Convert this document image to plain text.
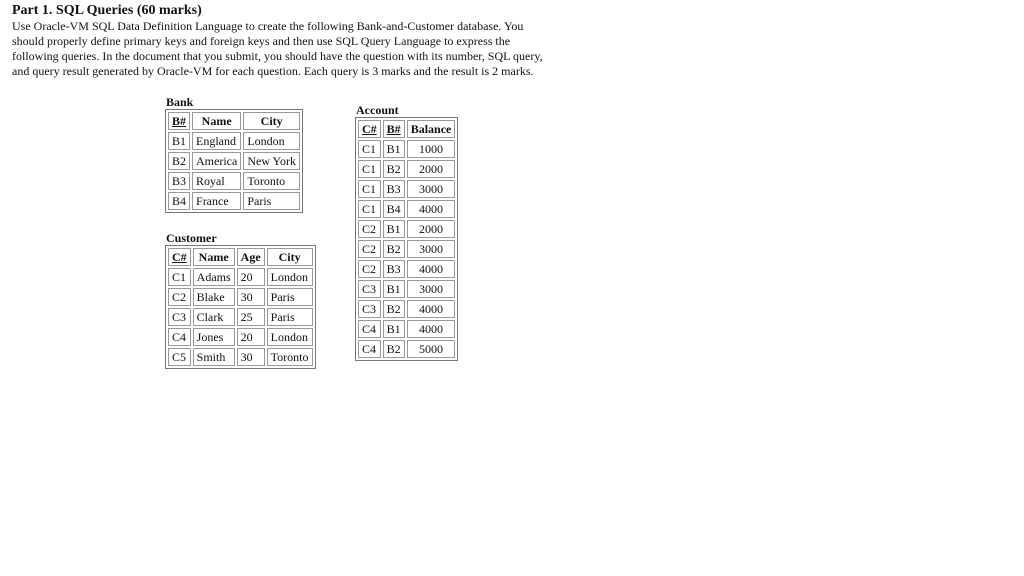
Part 1. SQL Queries (60 marks)

Use Oracle-VM SQL Data Definition Language to create the following Bank-and-Customer database. You

should properly define primary keys and foreign keys and then use SQL Query Language to express the

following queries. In the document that you submit, you should have the question with its number, SQL query,

and query result generated by Oracle-VM for each question. Each query is 3 marks and the result is 2 marks.

Bank
B#	Name	City
B1	England	London
B2	America	New York
B3	Royal	Toronto
B4	France	Paris
Customer
C#	Name	Age	City
C1	Adams	20	London
C2	Blake	30	Paris
C3	Clark	25	Paris
C4	Jones	20	London
C5	Smith	30	Toronto
Account
C#	B#	Balance
C1	B1	1000
C1	B2	2000
C1	B3	3000
C1	B4	4000
C2	B1	2000
C2	B2	3000
C2	B3	4000
C3	B1	3000
C3	B2	4000
C4	B1	4000
C4	B2	5000
